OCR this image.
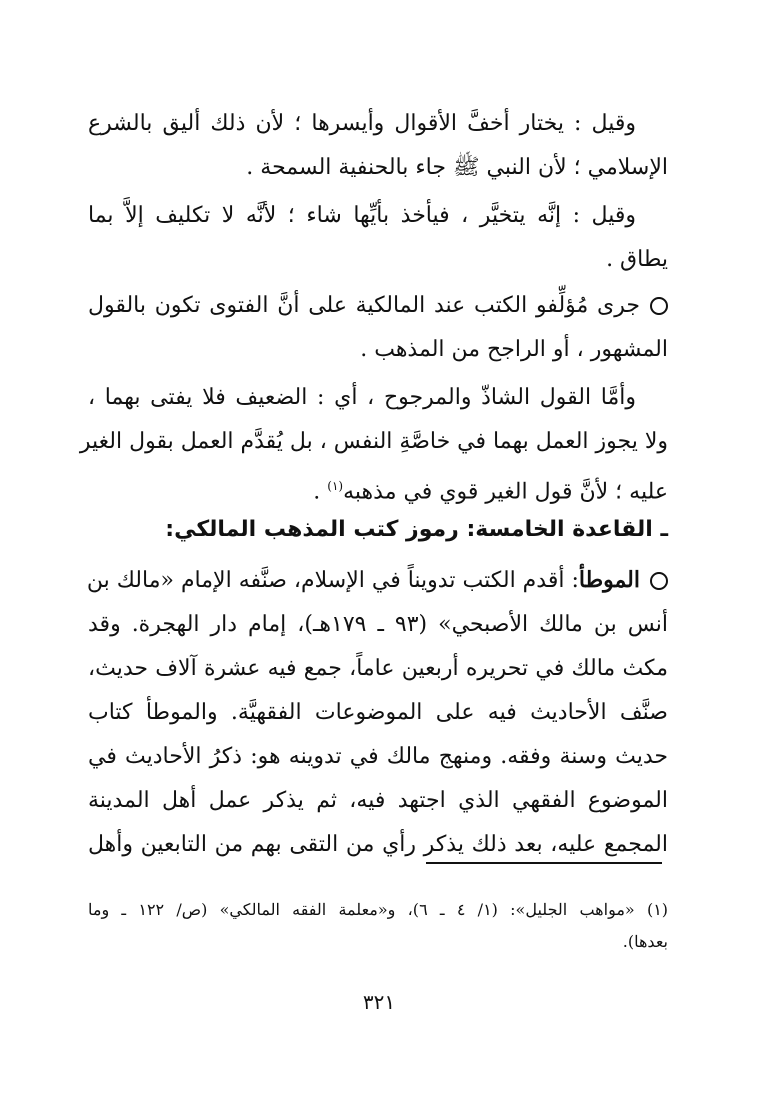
وقيل : يختار أخفَّ الأقوال وأيسرها ؛ لأن ذلك أليق بالشرع
الإسلامي ؛ لأن النبي ﷺ جاء بالحنفية السمحة .
وقيل : إنَّه يتخيَّر ، فيأخذ بأيِّها شاء ؛ لأنَّه لا تكليف إلاَّ بما
يطاق .
جرى مُؤلِّفو الكتب عند المالكية على أنَّ الفتوى تكون بالقول
المشهور ، أو الراجح من المذهب .
وأمَّا القول الشاذّ والمرجوح ، أي : الضعيف فلا يفتى بهما ،
ولا يجوز العمل بهما في خاصَّةِ النفس ، بل يُقدَّم العمل بقول الغير
عليه ؛ لأنَّ قول الغير قوي في مذهبه$^{(١)}$ .
ـ القاعدة الخامسة: رموز كتب المذهب المالكي:
الموطأ: أقدم الكتب تدويناً في الإسلام، صنَّفه الإمام «مالك بن
أنس بن مالك الأصبحي» (٩٣ ـ ١٧٩هـ)، إمام دار الهجرة. وقد
مكث مالك في تحريره أربعين عاماً، جمع فيه عشرة آلاف حديث،
صنَّف الأحاديث فيه على الموضوعات الفقهيَّة. والموطأ كتاب
حديث وسنة وفقه. ومنهج مالك في تدوينه هو: ذكرُ الأحاديث في
الموضوع الفقهي الذي اجتهد فيه، ثم يذكر عمل أهل المدينة
المجمع عليه، بعد ذلك يذكر رأي من التقى بهم من التابعين وأهل
(١) «مواهب الجليل»: (١/ ٤ ـ ٦)، و«معلمة الفقه المالكي» (ص/ ١٢٢ ـ وما
بعدها).
٣٢١
